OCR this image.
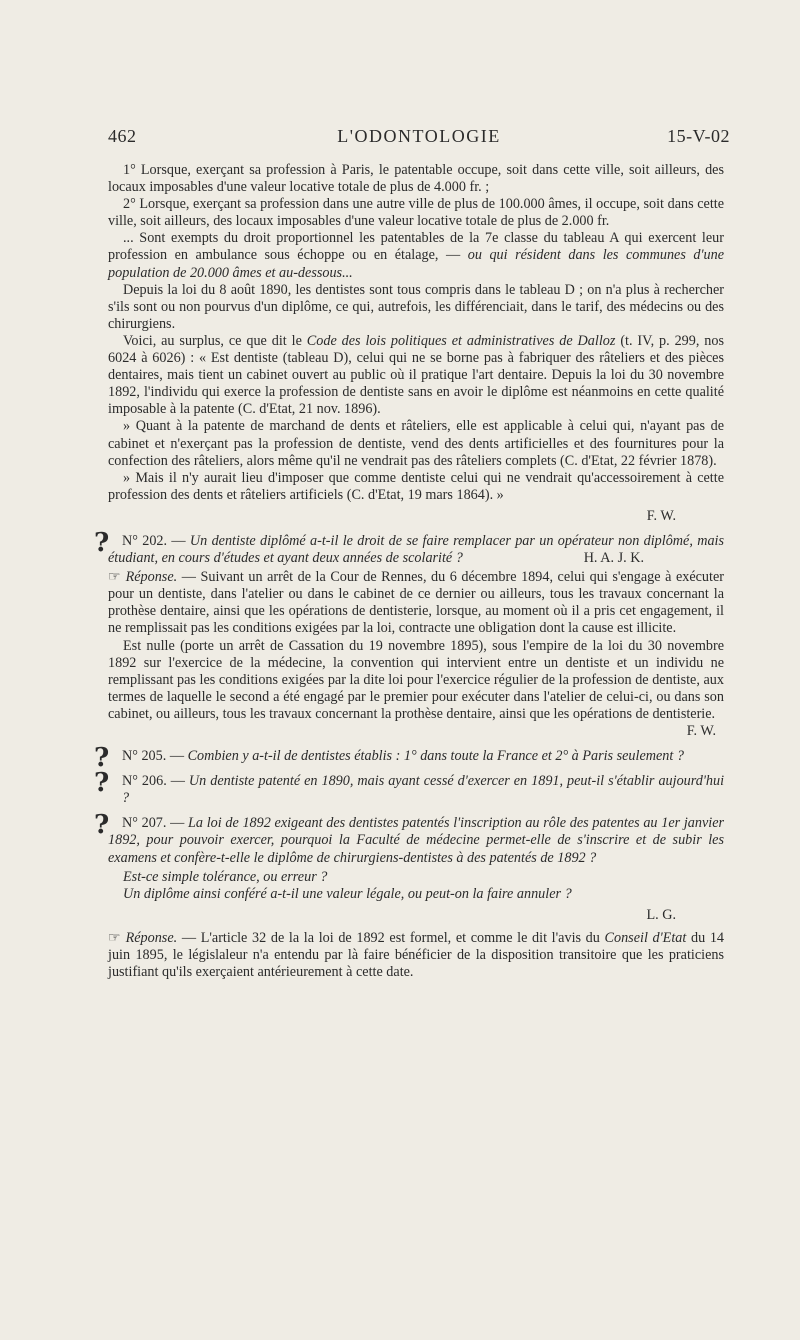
462	L'ODONTOLOGIE	15-V-02

1° Lorsque, exerçant sa profession à Paris, le patentable occupe, soit dans cette ville, soit ailleurs, des locaux imposables d'une valeur locative totale de plus de 4.000 fr. ;

2° Lorsque, exerçant sa profession dans une autre ville de plus de 100.000 âmes, il occupe, soit dans cette ville, soit ailleurs, des locaux imposables d'une valeur locative totale de plus de 2.000 fr.

... Sont exempts du droit proportionnel les patentables de la 7e classe du tableau A qui exercent leur profession en ambulance sous échoppe ou en étalage, — ou qui résident dans les communes d'une population de 20.000 âmes et au-dessous...

Depuis la loi du 8 août 1890, les dentistes sont tous compris dans le tableau D ; on n'a plus à rechercher s'ils sont ou non pourvus d'un diplôme, ce qui, autrefois, les différenciait, dans le tarif, des médecins ou des chirurgiens.

Voici, au surplus, ce que dit le Code des lois politiques et administratives de Dalloz (t. IV, p. 299, nos 6024 à 6026) : « Est dentiste (tableau D), celui qui ne se borne pas à fabriquer des râteliers et des pièces dentaires, mais tient un cabinet ouvert au public où il pratique l'art dentaire. Depuis la loi du 30 novembre 1892, l'individu qui exerce la profession de dentiste sans en avoir le diplôme est néanmoins en cette qualité imposable à la patente (C. d'Etat, 21 nov. 1896).

» Quant à la patente de marchand de dents et râteliers, elle est applicable à celui qui, n'ayant pas de cabinet et n'exerçant pas la profession de dentiste, vend des dents artificielles et des fournitures pour la confection des râteliers, alors même qu'il ne vendrait pas des râteliers complets (C. d'Etat, 22 février 1878).

» Mais il n'y aurait lieu d'imposer que comme dentiste celui qui ne vendrait qu'accessoirement à cette profession des dents et râteliers artificiels (C. d'Etat, 19 mars 1864). »

F. W.
? N° 202. — Un dentiste diplômé a-t-il le droit de se faire remplacer par un opérateur non diplômé, mais étudiant, en cours d'études et ayant deux années de scolarité ?	H. A. J. K.

☞ Réponse. — Suivant un arrêt de la Cour de Rennes, du 6 décembre 1894, celui qui s'engage à exécuter pour un dentiste, dans l'atelier ou dans le cabinet de ce dernier ou ailleurs, tous les travaux concernant la prothèse dentaire, ainsi que les opérations de dentisterie, lorsque, au moment où il a pris cet engagement, il ne remplissait pas les conditions exigées par la loi, contracte une obligation dont la cause est illicite.

Est nulle (porte un arrêt de Cassation du 19 novembre 1895), sous l'empire de la loi du 30 novembre 1892 sur l'exercice de la médecine, la convention qui intervient entre un dentiste et un individu ne remplissant pas les conditions exigées par la dite loi pour l'exercice régulier de la profession de dentiste, aux termes de laquelle le second a été engagé par le premier pour exécuter dans l'atelier de celui-ci, ou dans son cabinet, ou ailleurs, tous les travaux concernant la prothèse dentaire, ainsi que les opérations de dentisterie.

F. W.
? N° 205. — Combien y a-t-il de dentistes établis : 1° dans toute la France et 2° à Paris seulement ?
? N° 206. — Un dentiste patenté en 1890, mais ayant cessé d'exercer en 1891, peut-il s'établir aujourd'hui ?
? N° 207. — La loi de 1892 exigeant des dentistes patentés l'inscription au rôle des patentes au 1er janvier 1892, pour pouvoir exercer, pourquoi la Faculté de médecine permet-elle de s'inscrire et de subir les examens et confère-t-elle le diplôme de chirurgiens-dentistes à des patentés de 1892 ?

Est-ce simple tolérance, ou erreur ?

Un diplôme ainsi conféré a-t-il une valeur légale, ou peut-on la faire annuler ?

L. G.

☞ Réponse. — L'article 32 de la la loi de 1892 est formel, et comme le dit l'avis du Conseil d'Etat du 14 juin 1895, le législaleur n'a entendu par là faire bénéficier de la disposition transitoire que les praticiens justifiant qu'ils exerçaient antérieurement à cette date.
